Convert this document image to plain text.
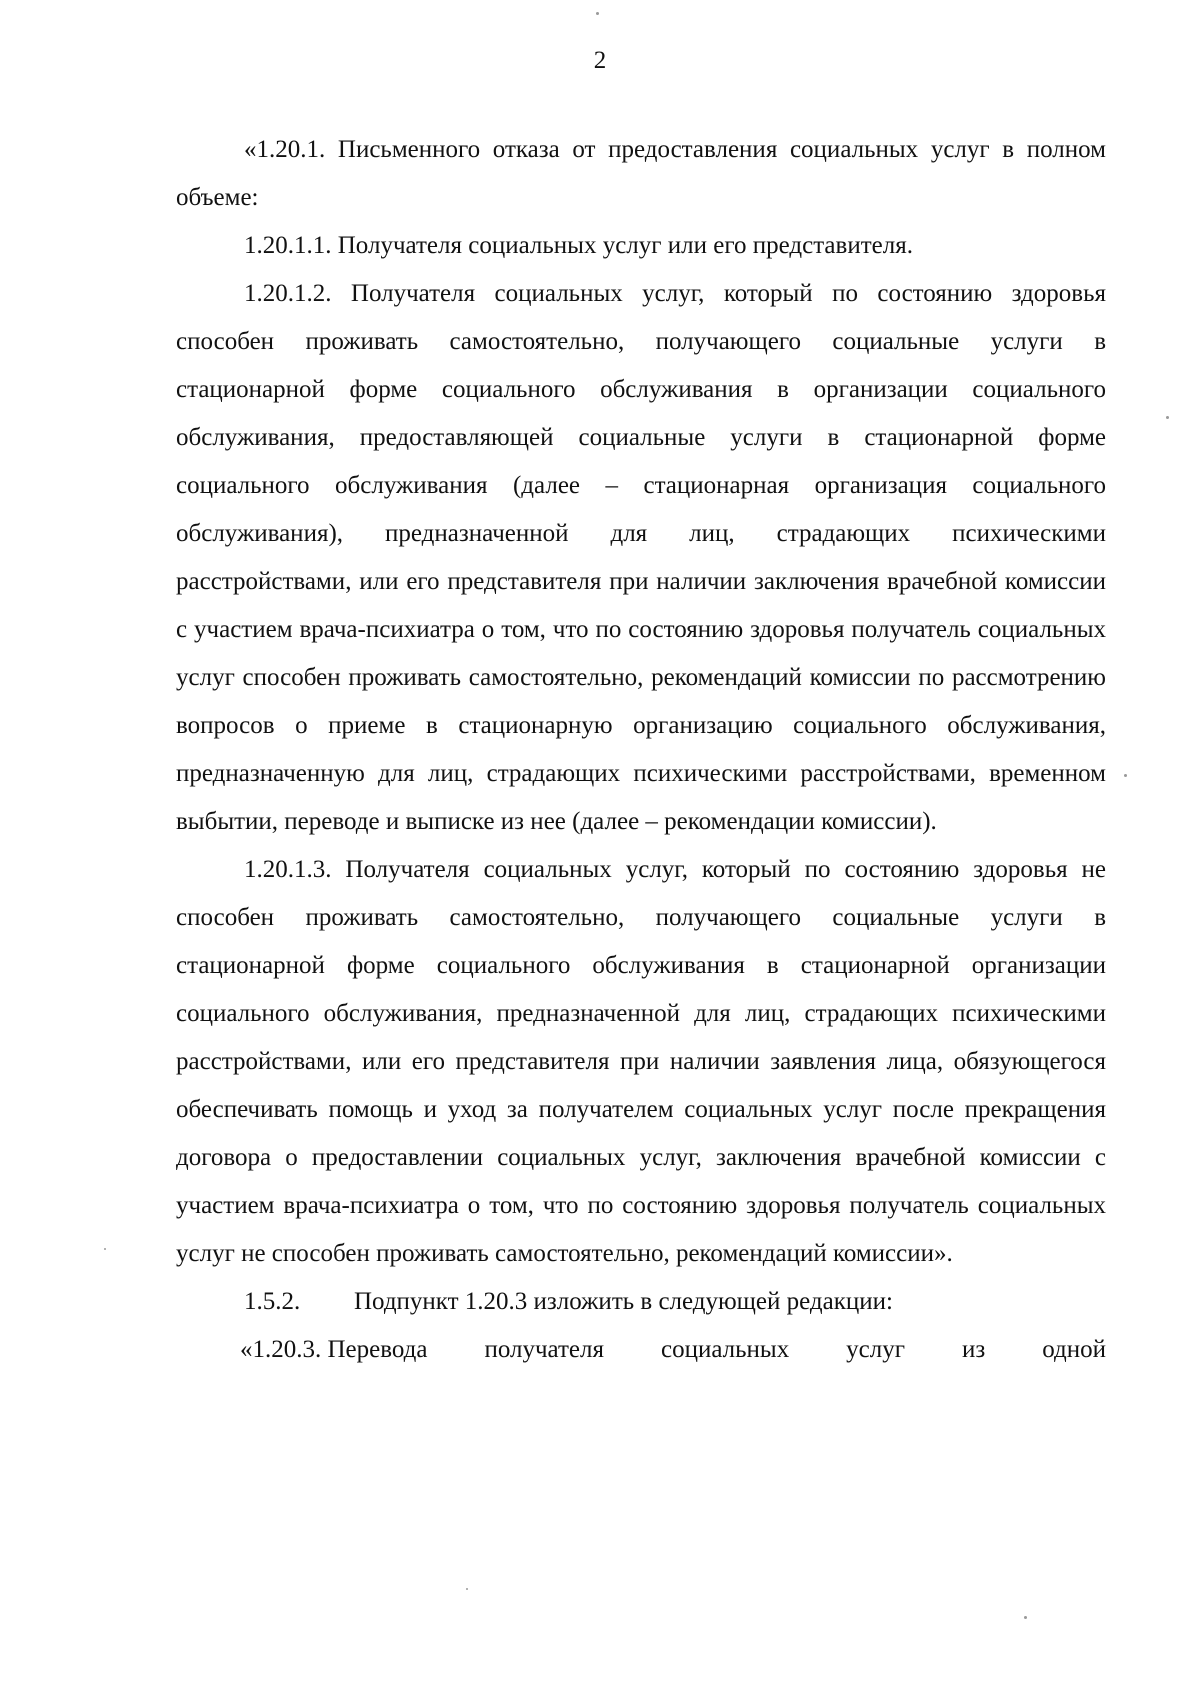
2

«1.20.1. Письменного отказа от предоставления социальных услуг в полном объеме:

1.20.1.1. Получателя социальных услуг или его представителя.

1.20.1.2. Получателя социальных услуг, который по состоянию здоровья способен проживать самостоятельно, получающего социальные услуги в стационарной форме социального обслуживания в организации социального обслуживания, предоставляющей социальные услуги в стационарной форме социального обслуживания (далее – стационарная организация социального обслуживания), предназначенной для лиц, страдающих психическими расстройствами, или его представителя при наличии заключения врачебной комиссии с участием врача-психиатра о том, что по состоянию здоровья получатель социальных услуг способен проживать самостоятельно, рекомендаций комиссии по рассмотрению вопросов о приеме в стационарную организацию социального обслуживания, предназначенную для лиц, страдающих психическими расстройствами, временном выбытии, переводе и выписке из нее (далее – рекомендации комиссии).

1.20.1.3. Получателя социальных услуг, который по состоянию здоровья не способен проживать самостоятельно, получающего социальные услуги в стационарной форме социального обслуживания в стационарной организации социального обслуживания, предназначенной для лиц, страдающих психическими расстройствами, или его представителя при наличии заявления лица, обязующегося обеспечивать помощь и уход за получателем социальных услуг после прекращения договора о предоставлении социальных услуг, заключения врачебной комиссии с участием врача-психиатра о том, что по состоянию здоровья получатель социальных услуг не способен проживать самостоятельно, рекомендаций комиссии».

1.5.2.	Подпункт 1.20.3 изложить в следующей редакции:
«1.20.3. Перевода получателя социальных услуг из одной
